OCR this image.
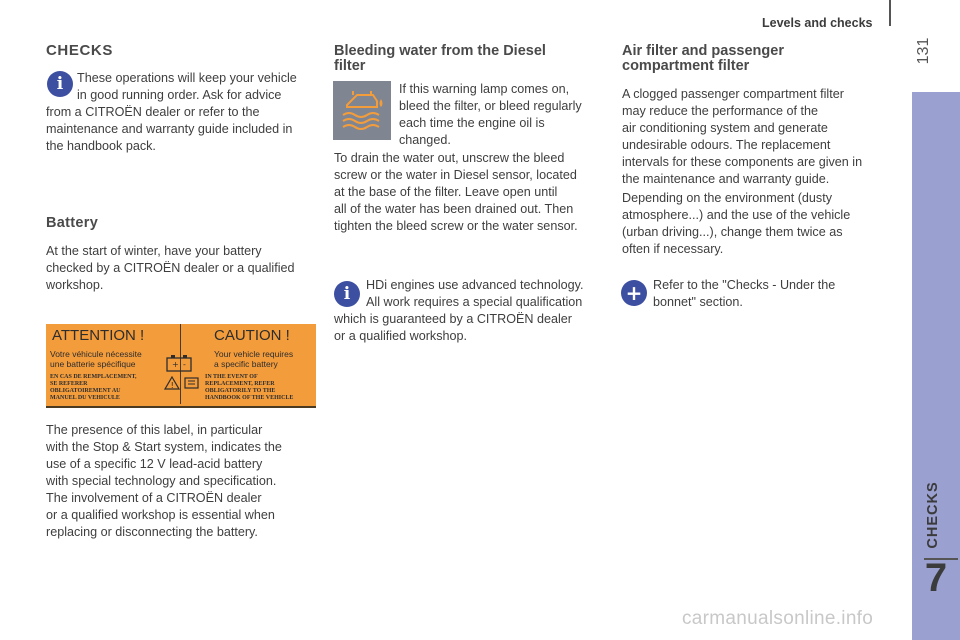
Levels and checks
131
CHECKS
7
CHECKS
i	These operations will keep your vehicle
in good running order. Ask for advice
from a CITROËN dealer or refer to the
maintenance and warranty guide included in
the handbook pack.
Battery
At the start of winter, have your battery
checked by a CITROËN dealer or a qualified
workshop.
ATTENTION !
Votre véhicule nécessite
une batterie spécifique
EN CAS DE REMPLACEMENT,
SE REFERER
OBLIGATOIREMENT AU
MANUEL DU VEHICULE
+ -
!
CAUTION !
Your vehicle requires
a specific battery
IN THE EVENT OF
REPLACEMENT, REFER
OBLIGATORILY TO THE
HANDBOOK OF THE VEHICLE
The presence of this label, in particular
with the Stop & Start system, indicates the
use of a specific 12 V lead-acid battery
with special technology and specification.
The involvement of a CITROËN dealer
or a qualified workshop is essential when
replacing or disconnecting the battery.
Bleeding water from the Diesel
filter
If this warning lamp comes on,
bleed the filter, or bleed regularly
each time the engine oil is
changed.
To drain the water out, unscrew the bleed
screw or the water in Diesel sensor, located
at the base of the filter. Leave open until
all of the water has been drained out. Then
tighten the bleed screw or the water sensor.
i	HDi engines use advanced technology.
All work requires a special qualification
which is guaranteed by a CITROËN dealer
or a qualified workshop.
Air filter and passenger
compartment filter
A clogged passenger compartment filter
may reduce the performance of the
air conditioning system and generate
undesirable odours. The replacement
intervals for these components are given in
the maintenance and warranty guide.
Depending on the environment (dusty
atmosphere...) and the use of the vehicle
(urban driving...), change them twice as
often if necessary.
+ Refer to the "Checks - Under the
bonnet" section.
carmanualsonline.info
